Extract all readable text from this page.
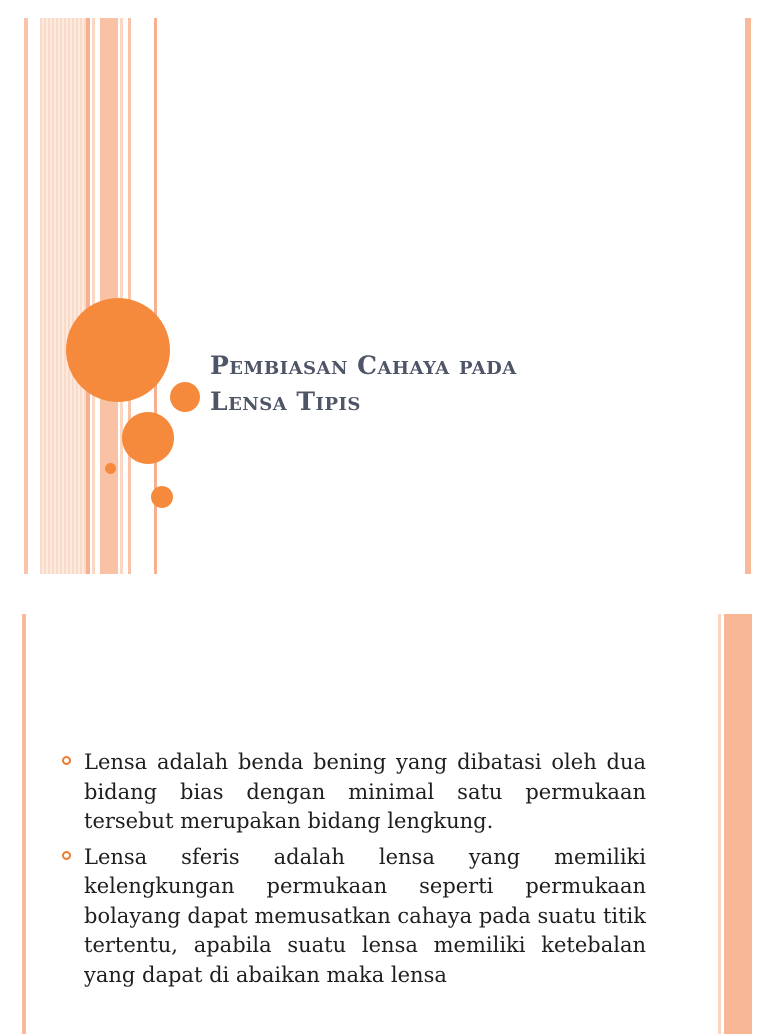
Pembiasan Cahaya pada
Lensa Tipis
Lensa adalah benda bening yang dibatasi oleh dua bidang bias dengan minimal satu permukaan tersebut merupakan bidang lengkung.
Lensa sferis adalah lensa yang memiliki kelengkungan permukaan seperti permukaan bolayang dapat memusatkan cahaya pada suatu titik tertentu, apabila suatu lensa memiliki ketebalan yang dapat di abaikan maka lensa
